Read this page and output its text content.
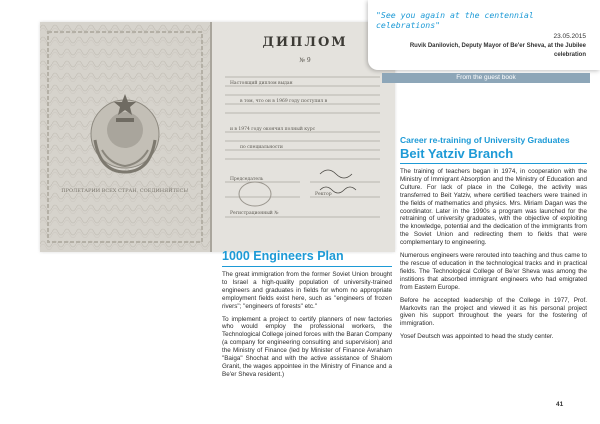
ПРОЛЕТАРИИ ВСЕХ СТРАН, СОЕДИНЯЙТЕСЬ!
ДИПЛОМ
№ 9
Настоящий диплом выдан
в том, что он в 1969 году поступил в
и в 1974 году окончил полный курс
по специальности
Председатель
Ректор
Регистрационный №
"See you again at the centennial celebrations"
23.05.2015
Ruvik Danilovich, Deputy Mayor of Be'er Sheva, at the Jubilee celebration
From the guest book
Career re-training of University Graduates
Beit Yatziv Branch

The training of teachers began in 1974, in cooperation with the Ministry of Immigrant Absorption and the Ministry of Education and Culture. For lack of place in the College, the activity was transferred to Beit Yatziv, where certified teachers were trained in the fields of mathematics and physics. Mrs. Miriam Dagan was the coordinator. Later in the 1990s a program was launched for the retraining of university graduates, with the objective of exploiting the knowledge, potential and the dedication of the immigrants from the Soviet Union and redirecting them to fields that were complementary to engineering.

Numerous engineers were rerouted into teaching and thus came to the rescue of education in the technological tracks and in practical fields. The Technological College of Be'er Sheva was among the institions that absorbed immigrant engineers who had emigrated from Eastern Europe.

Before he accepted leadership of the College in 1977, Prof. Markovits ran the project and viewed it as his personal project given his support throughout the years for the fostering of immigration.

Yosef Deutsch was appointed to head the study center.

1000 Engineers Plan

The great immigration from the former Soviet Union brought to Israel a high-quality population of university-trained engineers and graduates in fields for whom no appropriate employment fields exist here, such as "engineers of frozen rivers"; "engineers of forests" etc."

To implement a project to certify planners of new factories who would employ the professional workers, the Technological College joined forces with the Baran Company (a company for engineering consulting and supervision) and the Ministry of Finance (led by Minister of Finance Avraham "Baiga" Shochat and with the active assistance of Shalom Granit, the wages appointee in the Ministry of Finance and a Be'er Sheva resident.)

41
